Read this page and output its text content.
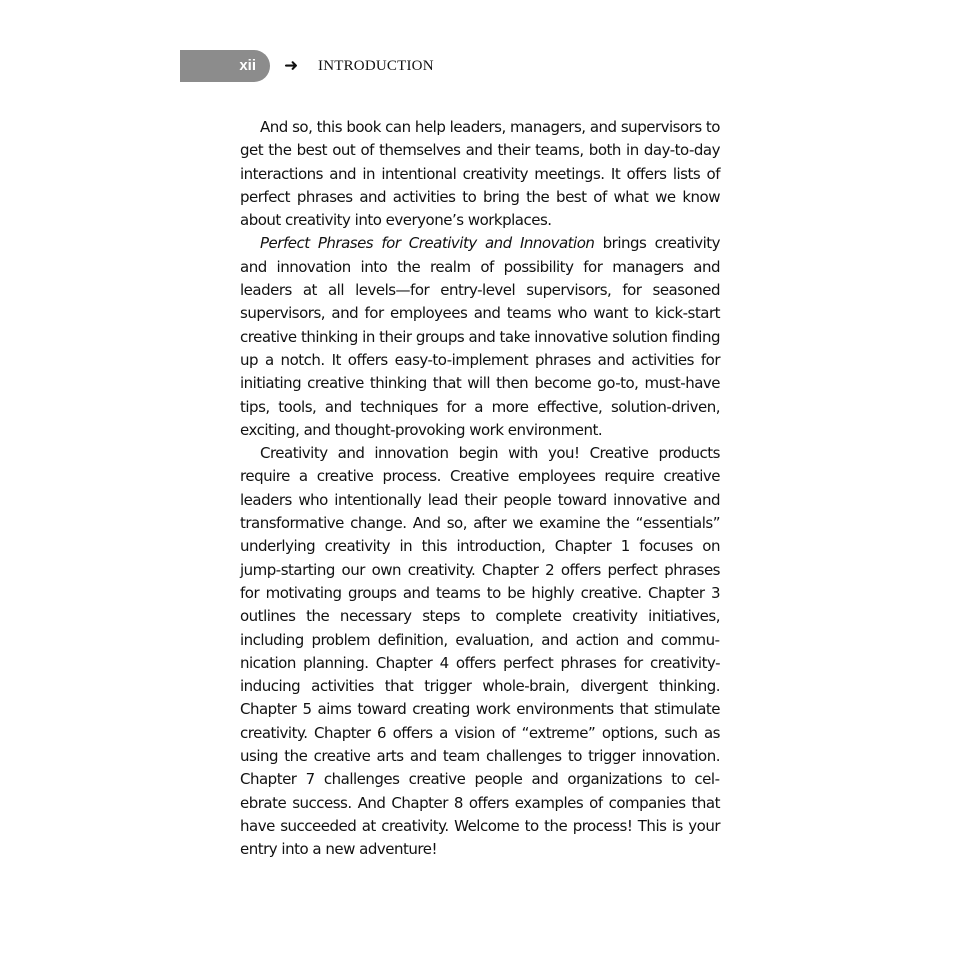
xii	➜ INTRODUCTION

And so, this book can help leaders, managers, and supervisors to get the best out of themselves and their teams, both in day-to-day interactions and in intentional creativity meetings. It offers lists of perfect phrases and activities to bring the best of what we know about creativity into everyone’s workplaces.

Perfect Phrases for Creativity and Innovation brings creativity and innovation into the realm of possibility for managers and leaders at all levels—for entry-level supervisors, for seasoned supervisors, and for employees and teams who want to kick-start creative thinking in their groups and take innovative solution finding up a notch. It offers easy-to-implement phrases and activities for initiating creative thinking that will then become go-to, must-have tips, tools, and techniques for a more effective, solution-driven, exciting, and thought-provoking work environment.

Creativity and innovation begin with you! Creative products require a creative process. Creative employees require creative leaders who intentionally lead their people toward innovative and transformative change. And so, after we examine the “essentials” underlying creativity in this introduction, Chapter 1 focuses on jump-starting our own creativity. Chapter 2 offers perfect phrases for motivating groups and teams to be highly creative. Chapter 3 outlines the necessary steps to complete creativity initiatives, including problem definition, evaluation, and action and communication planning. Chapter 4 offers perfect phrases for creativity-inducing activities that trigger whole-brain, divergent thinking. Chapter 5 aims toward creating work environments that stimulate creativity. Chapter 6 offers a vision of “extreme” options, such as using the creative arts and team challenges to trigger innovation. Chapter 7 challenges creative people and organizations to celebrate success. And Chapter 8 offers examples of companies that have succeeded at creativity. Welcome to the process! This is your entry into a new adventure!
